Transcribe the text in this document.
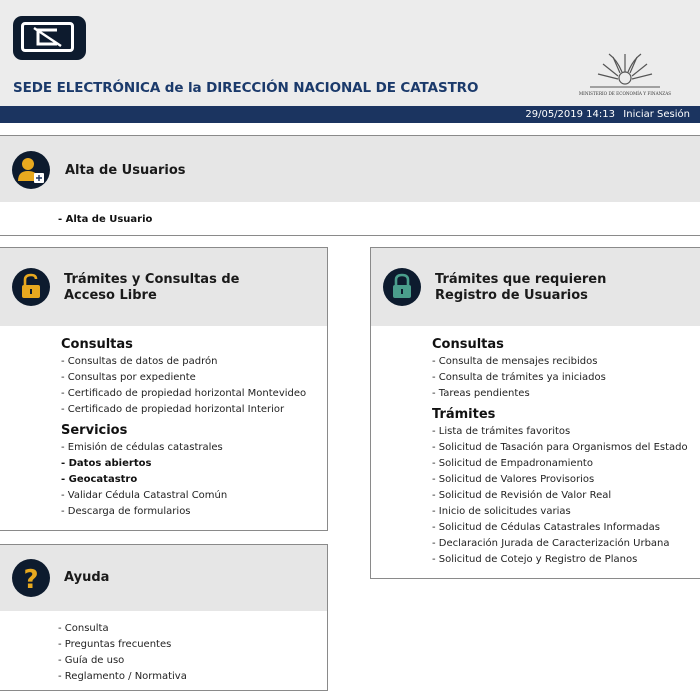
SEDE ELECTRÓNICA de la DIRECCIÓN NACIONAL DE CATASTRO	MINISTERIO DE ECONOMÍA Y FINANZAS
29/05/2019 14:13 Iniciar Sesión
Alta de Usuarios
- Alta de Usuario
Trámites y Consultas de
Acceso Libre
Consultas
- Consultas de datos de padrón
- Consultas por expediente
- Certificado de propiedad horizontal Montevideo
- Certificado de propiedad horizontal Interior
Servicios
- Emisión de cédulas catastrales
- Datos abiertos
- Geocatastro
- Validar Cédula Catastral Común
- Descarga de formularios
Trámites que requieren
Registro de Usuarios
Consultas
- Consulta de mensajes recibidos
- Consulta de trámites ya iniciados
- Tareas pendientes
Trámites
- Lista de trámites favoritos
- Solicitud de Tasación para Organismos del Estado
- Solicitud de Empadronamiento
- Solicitud de Valores Provisorios
- Solicitud de Revisión de Valor Real
- Inicio de solicitudes varias
- Solicitud de Cédulas Catastrales Informadas
- Declaración Jurada de Caracterización Urbana
- Solicitud de Cotejo y Registro de Planos
? Ayuda
- Consulta
- Preguntas frecuentes
- Guía de uso
- Reglamento / Normativa
